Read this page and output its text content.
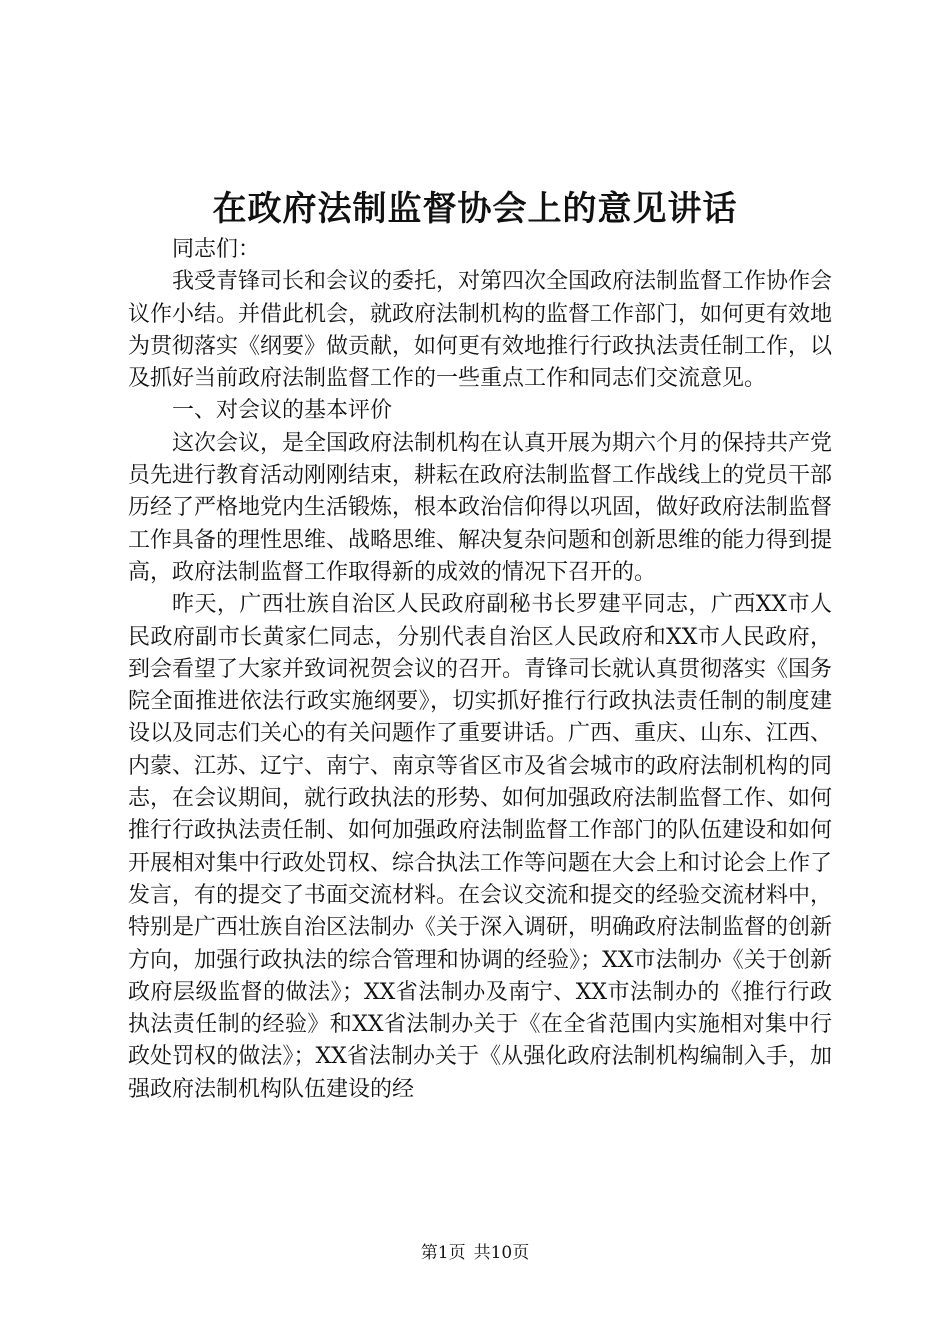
在政府法制监督协会上的意见讲话

同志们：

我受青锋司长和会议的委托，对第四次全国政府法制监督工作协作会议作小结。并借此机会，就政府法制机构的监督工作部门，如何更有效地为贯彻落实《纲要》做贡献，如何更有效地推行行政执法责任制工作，以及抓好当前政府法制监督工作的一些重点工作和同志们交流意见。

一、对会议的基本评价

这次会议，是全国政府法制机构在认真开展为期六个月的保持共产党员先进行教育活动刚刚结束，耕耘在政府法制监督工作战线上的党员干部历经了严格地党内生活锻炼，根本政治信仰得以巩固，做好政府法制监督工作具备的理性思维、战略思维、解决复杂问题和创新思维的能力得到提高，政府法制监督工作取得新的成效的情况下召开的。

昨天，广西壮族自治区人民政府副秘书长罗建平同志，广西XX市人民政府副市长黄家仁同志，分别代表自治区人民政府和XX市人民政府，到会看望了大家并致词祝贺会议的召开。青锋司长就认真贯彻落实《国务院全面推进依法行政实施纲要》，切实抓好推行行政执法责任制的制度建设以及同志们关心的有关问题作了重要讲话。广西、重庆、山东、江西、内蒙、江苏、辽宁、南宁、南京等省区市及省会城市的政府法制机构的同志，在会议期间，就行政执法的形势、如何加强政府法制监督工作、如何推行行政执法责任制、如何加强政府法制监督工作部门的队伍建设和如何开展相对集中行政处罚权、综合执法工作等问题在大会上和讨论会上作了发言，有的提交了书面交流材料。在会议交流和提交的经验交流材料中，特别是广西壮族自治区法制办《关于深入调研，明确政府法制监督的创新方向，加强行政执法的综合管理和协调的经验》；XX市法制办《关于创新政府层级监督的做法》；XX省法制办及南宁、XX市法制办的《推行行政执法责任制的经验》和XX省法制办关于《在全省范围内实施相对集中行政处罚权的做法》；XX省法制办关于《从强化政府法制机构编制入手，加强政府法制机构队伍建设的经

第1页 共10页
